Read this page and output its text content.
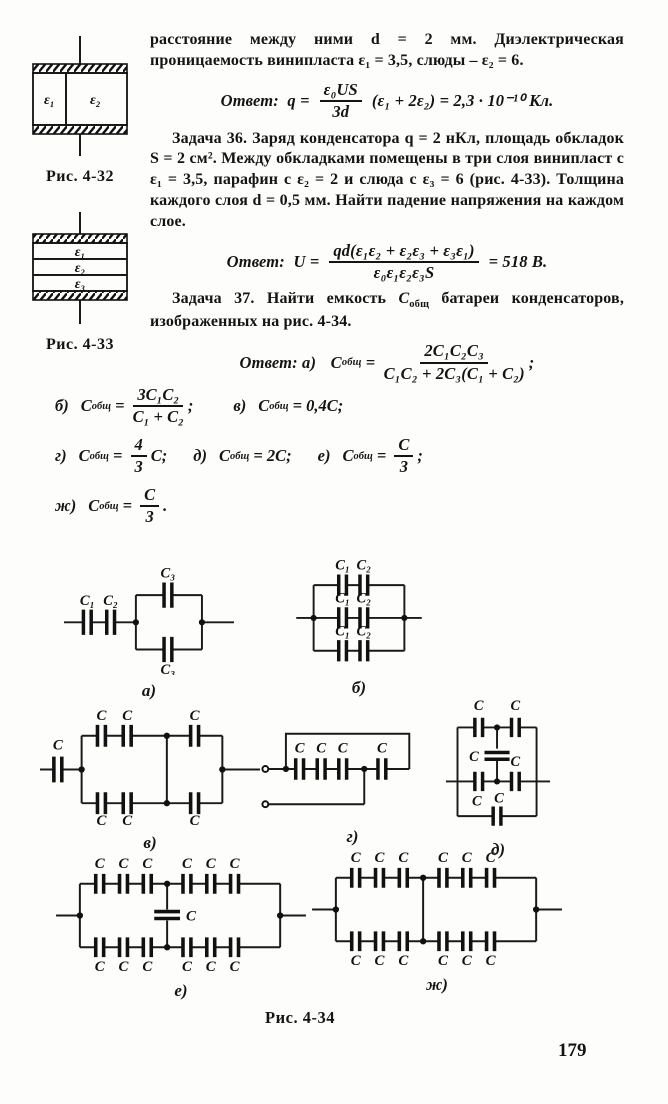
ε₁	ε₂
Рис. 4-32
ε₁
ε₂
ε₃
Рис. 4-33

расстояние между ними d = 2 мм. Диэлектрическая проницаемость винипласта ε₁ = 3,5, слюды – ε₂ = 6.

Ответ:  $q = \frac{\text{ε₀US}}{3d} (\varepsilon_1 + 2\varepsilon_2) = 2,3 \cdot 10^{-10}$ Кл.

Задача 36. Заряд конденсатора q = 2 нКл, площадь обкладок S = 2 см². Между обкладками помещены в три слоя винипласт с ε₁ = 3,5, парафин с ε₂ = 2 и слюда с ε₃ = 6 (рис. 4-33). Толщина каждого слоя d = 0,5 мм. Найти падение напряжения на каждом слое.

Ответ:  $U = \frac{\text{qd(ε₁ε₂ + ε₂ε₃ + ε₃ε₁)}}{\text{ε₀ε₁ε₂ε₃S}} = 518$ В.

Задача 37. Найти емкость $C_{общ}$ батареи конденсаторов, изображенных на рис. 4-34.

Ответ: а) C общ = $\frac{\text{2C₁C₂C₃}}{\text{C₁C₂ + 2C₃(C₁ + C₂)}}$ ;
б) C общ = $\frac{\text{3C₁C₂}}{\text{C₁ + C₂}}$ ; в) C общ = 0,4C;
г) C общ = $\frac{4}{3} C$; д) C общ = 2C; е) C общ = $\frac{C}{3}$ ;
ж) C общ = $\frac{C}{3}$ .
C₁ C₂
C₃
C₃
а)
C₁ C₂
C₁ C₂
C₁ C₂
б)
C
C C	C
C C	C
в)
C C C C
г)
C C
C C
C C
д)
C C C C C C
C
C C C C C C
е)
C C C C C C
C C C C C C
ж)
Рис. 4-34
179
